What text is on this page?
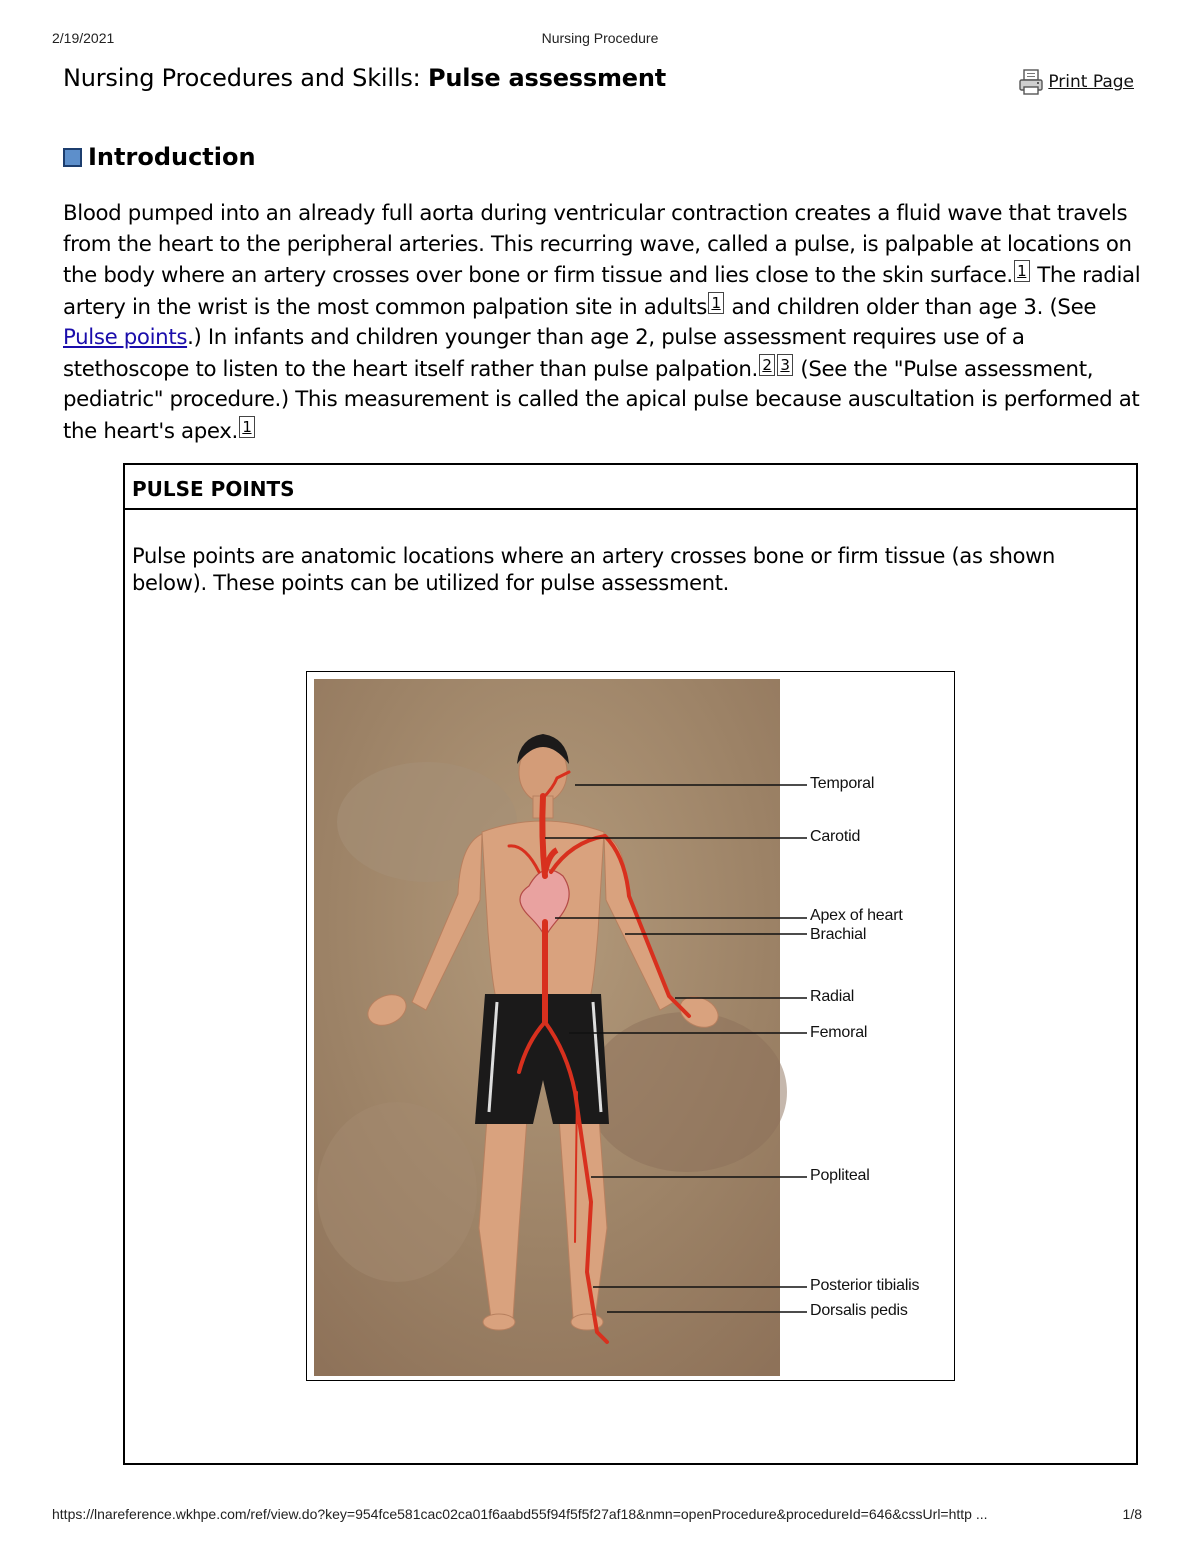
2/19/2021	Nursing Procedure
Nursing Procedures and Skills: Pulse assessment	Print Page
Introduction

Blood pumped into an already full aorta during ventricular contraction creates a fluid wave that travels from the heart to the peripheral arteries. This recurring wave, called a pulse, is palpable at locations on the body where an artery crosses over bone or firm tissue and lies close to the skin surface. 1 The radial artery in the wrist is the most common palpation site in adults 1 and children older than age 3. (See Pulse points.) In infants and children younger than age 2, pulse assessment requires use of a stethoscope to listen to the heart itself rather than pulse palpation. 2 3 (See the "Pulse assessment, pediatric" procedure.) This measurement is called the apical pulse because auscultation is performed at the heart's apex. 1

PULSE POINTS
Pulse points are anatomic locations where an artery crosses bone or firm tissue (as shown below). These points can be utilized for pulse assessment.
Temporal
Carotid
Apex of heart
Brachial
Radial
Femoral
Popliteal
Posterior tibialis
Dorsalis pedis
https://lnareference.wkhpe.com/ref/view.do?key=954fce581cac02ca01f6aabd55f94f5f5f27af18&nmn=openProcedure&procedureId=646&cssUrl=http ...	1/8
